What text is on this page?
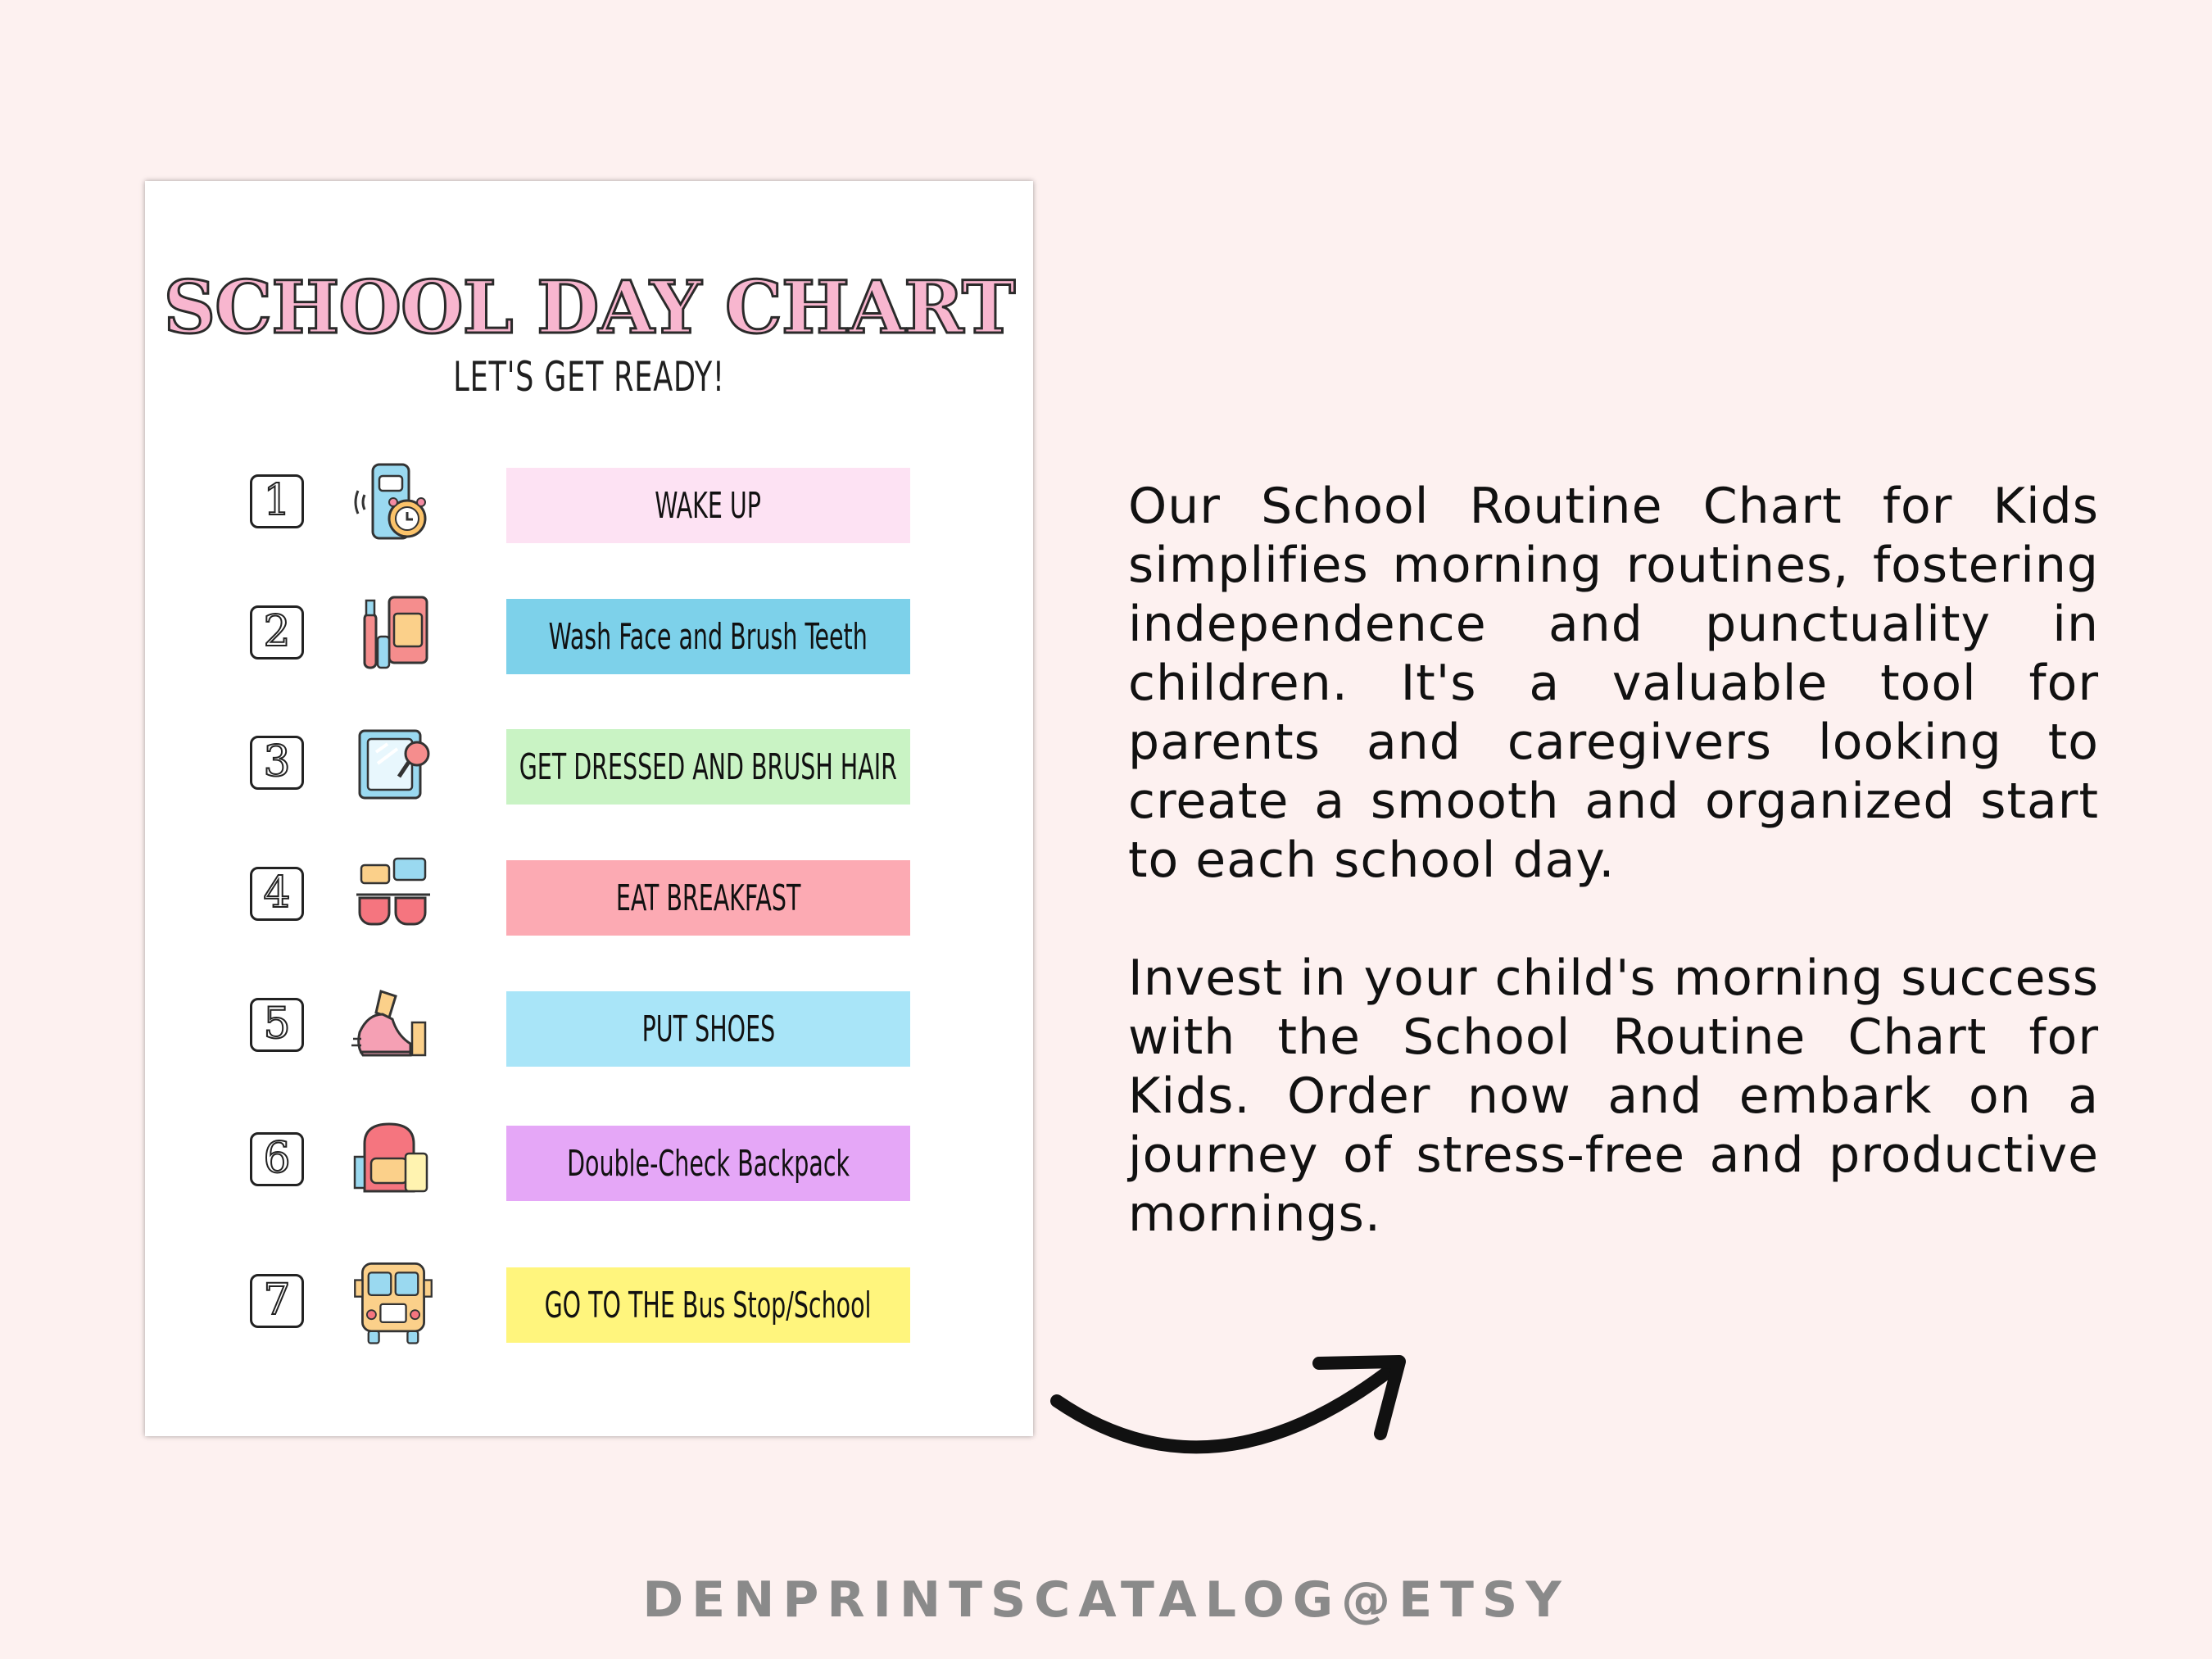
SCHOOL DAY CHART
LET'S GET READY!
1	WAKE UP
2	Wash Face and Brush Teeth
3	GET DRESSED AND BRUSH HAIR
4	EAT BREAKFAST
5	PUT SHOES
6	Double-Check Backpack
7	GO TO THE Bus Stop/School

Our School Routine Chart for Kids simplifies morning routines, fostering independence and punctuality in children. It's a valuable tool for parents and caregivers looking to create a smooth and organized start to each school day.

Invest in your child's morning success with the School Routine Chart for Kids. Order now and embark on a journey of stress-free and productive mornings.

DENPRINTSCATALOG@ETSY
